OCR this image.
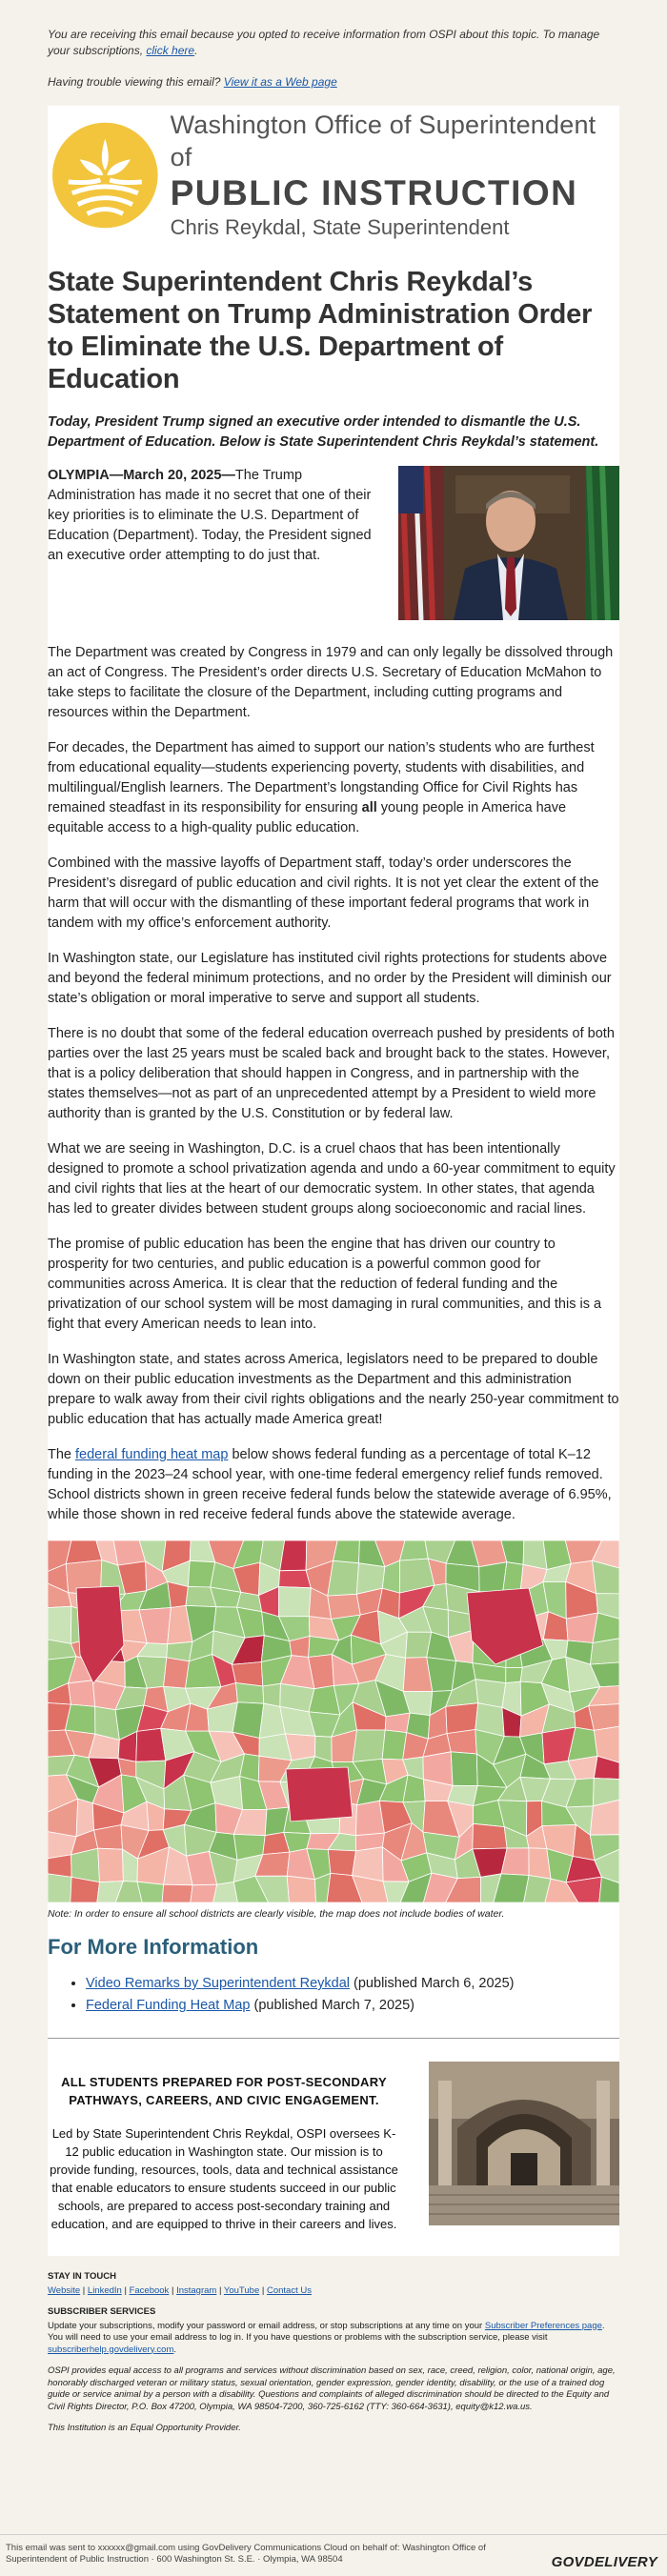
You are receiving this email because you opted to receive information from OSPI about this topic. To manage your subscriptions, click here.

Having trouble viewing this email? View it as a Web page

Washington Office of Superintendent of
PUBLIC INSTRUCTION
Chris Reykdal, State Superintendent
State Superintendent Chris Reykdal’s Statement on Trump Administration Order to Eliminate the U.S. Department of Education

Today, President Trump signed an executive order intended to dismantle the U.S. Department of Education. Below is State Superintendent Chris Reykdal’s statement.

OLYMPIA—March 20, 2025—The Trump Administration has made it no secret that one of their key priorities is to eliminate the U.S. Department of Education (Department). Today, the President signed an executive order attempting to do just that.

The Department was created by Congress in 1979 and can only legally be dissolved through an act of Congress. The President’s order directs U.S. Secretary of Education McMahon to take steps to facilitate the closure of the Department, including cutting programs and resources within the Department.

For decades, the Department has aimed to support our nation’s students who are furthest from educational equality—students experiencing poverty, students with disabilities, and multilingual/English learners. The Department’s longstanding Office for Civil Rights has remained steadfast in its responsibility for ensuring all young people in America have equitable access to a high-quality public education.

Combined with the massive layoffs of Department staff, today’s order underscores the President’s disregard of public education and civil rights. It is not yet clear the extent of the harm that will occur with the dismantling of these important federal programs that work in tandem with my office’s enforcement authority.

In Washington state, our Legislature has instituted civil rights protections for students above and beyond the federal minimum protections, and no order by the President will diminish our state’s obligation or moral imperative to serve and support all students.

There is no doubt that some of the federal education overreach pushed by presidents of both parties over the last 25 years must be scaled back and brought back to the states. However, that is a policy deliberation that should happen in Congress, and in partnership with the states themselves—not as part of an unprecedented attempt by a President to wield more authority than is granted by the U.S. Constitution or by federal law.

What we are seeing in Washington, D.C. is a cruel chaos that has been intentionally designed to promote a school privatization agenda and undo a 60-year commitment to equity and civil rights that lies at the heart of our democratic system. In other states, that agenda has led to greater divides between student groups along socioeconomic and racial lines.

The promise of public education has been the engine that has driven our country to prosperity for two centuries, and public education is a powerful common good for communities across America. It is clear that the reduction of federal funding and the privatization of our school system will be most damaging in rural communities, and this is a fight that every American needs to lean into.

In Washington state, and states across America, legislators need to be prepared to double down on their public education investments as the Department and this administration prepare to walk away from their civil rights obligations and the nearly 250-year commitment to public education that has actually made America great!

The federal funding heat map below shows federal funding as a percentage of total K–12 funding in the 2023–24 school year, with one-time federal emergency relief funds removed. School districts shown in green receive federal funds below the statewide average of 6.95%, while those shown in red receive federal funds above the statewide average.

Note: In order to ensure all school districts are clearly visible, the map does not include bodies of water.
For More Information
• Video Remarks by Superintendent Reykdal (published March 6, 2025)
• Federal Funding Heat Map (published March 7, 2025)
ALL STUDENTS PREPARED FOR POST-SECONDARY PATHWAYS, CAREERS, AND CIVIC ENGAGEMENT.
Led by State Superintendent Chris Reykdal, OSPI oversees K-12 public education in Washington state. Our mission is to provide funding, resources, tools, data and technical assistance that enable educators to ensure students succeed in our public schools, are prepared to access post-secondary training and education, and are equipped to thrive in their careers and lives.
STAY IN TOUCH

Website | LinkedIn | Facebook | Instagram | YouTube | Contact Us

SUBSCRIBER SERVICES

Update your subscriptions, modify your password or email address, or stop subscriptions at any time on your Subscriber Preferences page. You will need to use your email address to log in. If you have questions or problems with the subscription service, please visit subscriberhelp.govdelivery.com.

OSPI provides equal access to all programs and services without discrimination based on sex, race, creed, religion, color, national origin, age, honorably discharged veteran or military status, sexual orientation, gender expression, gender identity, disability, or the use of a trained dog guide or service animal by a person with a disability. Questions and complaints of alleged discrimination should be directed to the Equity and Civil Rights Director, P.O. Box 47200, Olympia, WA 98504-7200, 360-725-6162 (TTY: 360-664-3631), equity@k12.wa.us.

This Institution is an Equal Opportunity Provider.

This email was sent to xxxxxx@gmail.com using GovDelivery Communications Cloud on behalf of: Washington Office of Superintendent of Public Instruction · 600 Washington St. S.E. · Olympia, WA 98504	GOVDELIVERY
